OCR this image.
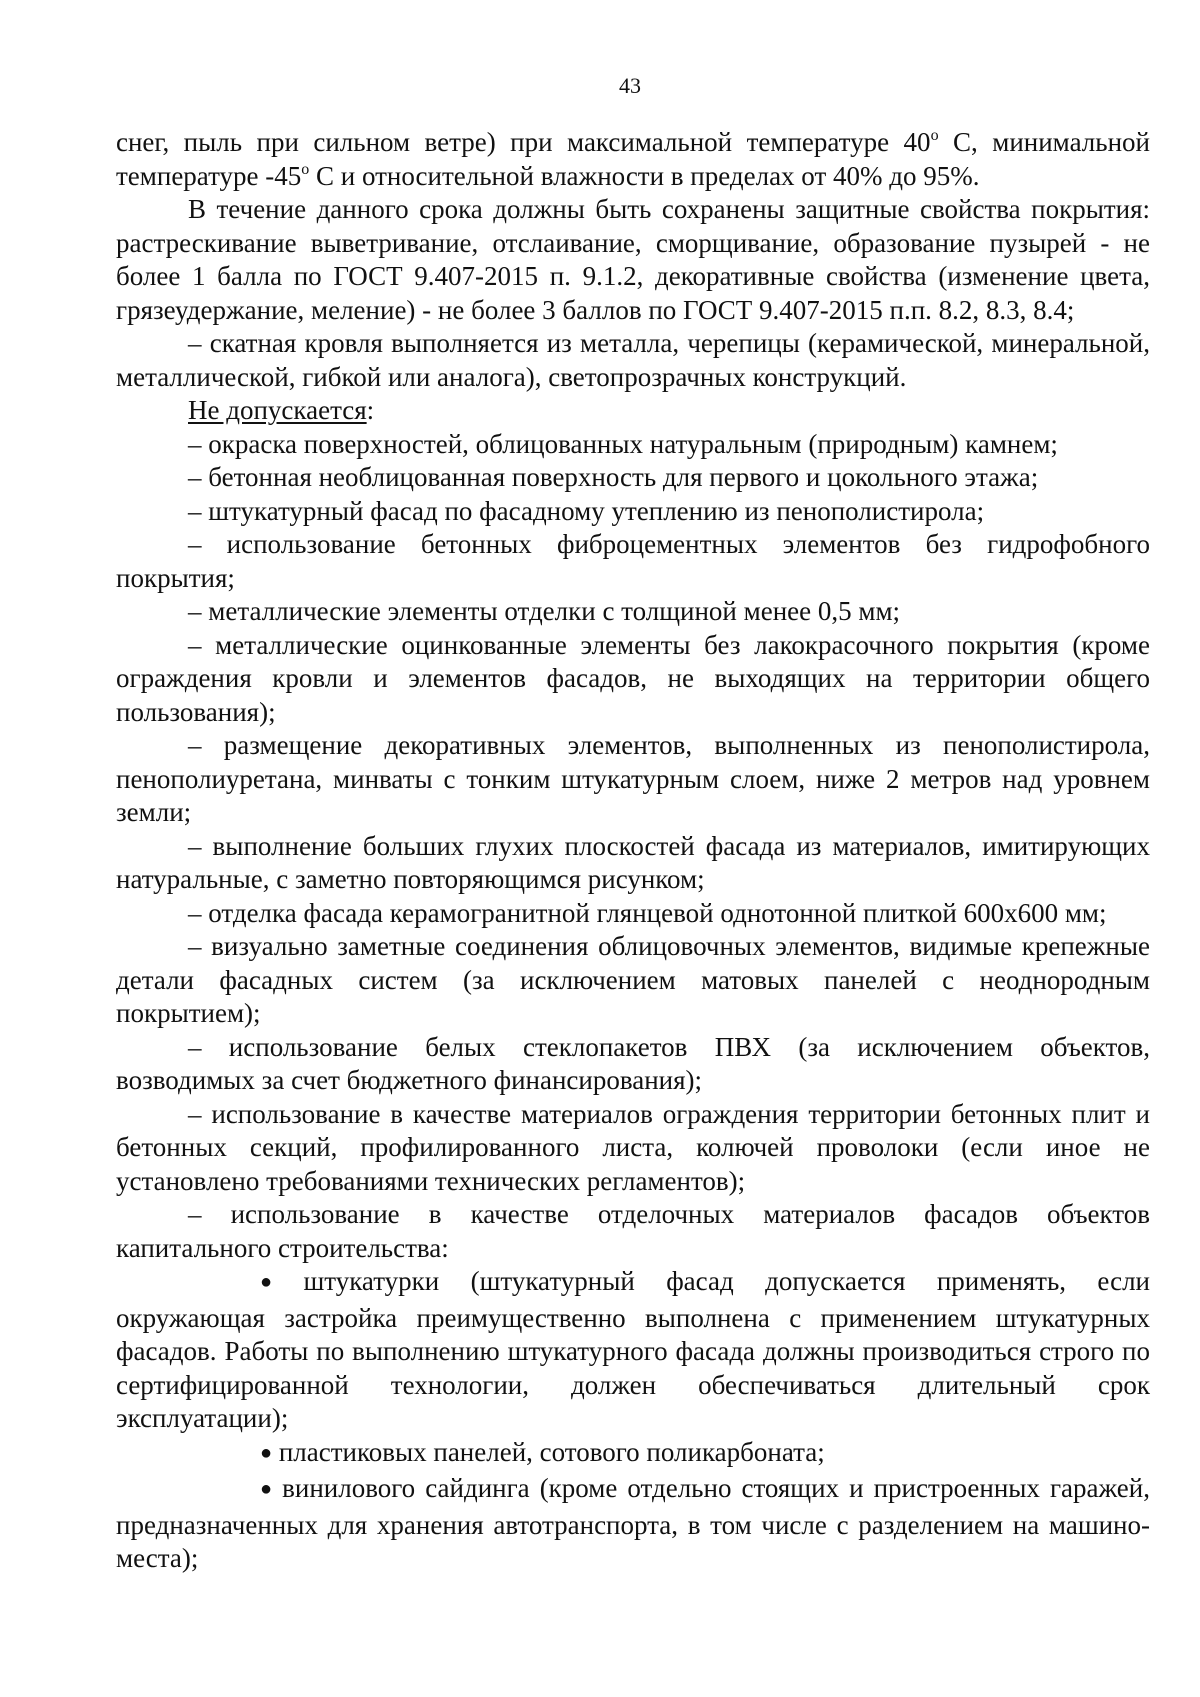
43

снег, пыль при сильном ветре) при максимальной температуре $40^о$ С, минимальной температуре $-45^о$ С и относительной влажности в пределах от 40% до 95%.

В течение данного срока должны быть сохранены защитные свойства покрытия: растрескивание выветривание, отслаивание, сморщивание, образование пузырей - не более 1 балла по ГОСТ 9.407-2015 п. 9.1.2, декоративные свойства (изменение цвета, грязеудержание, меление) - не более 3 баллов по ГОСТ 9.407-2015 п.п. 8.2, 8.3, 8.4;

– скатная кровля выполняется из металла, черепицы (керамической, минеральной, металлической, гибкой или аналога), светопрозрачных конструкций.

Не допускается:

– окраска поверхностей, облицованных натуральным (природным) камнем;

– бетонная необлицованная поверхность для первого и цокольного этажа;

– штукатурный фасад по фасадному утеплению из пенополистирола;

– использование бетонных фиброцементных элементов без гидрофобного покрытия;

– металлические элементы отделки с толщиной менее 0,5 мм;

– металлические оцинкованные элементы без лакокрасочного покрытия (кроме ограждения кровли и элементов фасадов, не выходящих на территории общего пользования);

– размещение декоративных элементов, выполненных из пенополистирола, пенополиуретана, минваты с тонким штукатурным слоем, ниже 2 метров над уровнем земли;

– выполнение больших глухих плоскостей фасада из материалов, имитирующих натуральные, с заметно повторяющимся рисунком;

– отделка фасада керамогранитной глянцевой однотонной плиткой 600х600 мм;

– визуально заметные соединения облицовочных элементов, видимые крепежные детали фасадных систем (за исключением матовых панелей с неоднородным покрытием);

– использование белых стеклопакетов ПВХ (за исключением объектов, возводимых за счет бюджетного финансирования);

– использование в качестве материалов ограждения территории бетонных плит и бетонных секций, профилированного листа, колючей проволоки (если иное не установлено требованиями технических регламентов);

– использование в качестве отделочных материалов фасадов объектов капитального строительства:

● штукатурки (штукатурный фасад допускается применять, если окружающая застройка преимущественно выполнена с применением штукатурных фасадов. Работы по выполнению штукатурного фасада должны производиться строго по сертифицированной технологии, должен обеспечиваться длительный срок эксплуатации);

● пластиковых панелей, сотового поликарбоната;

● винилового сайдинга (кроме отдельно стоящих и пристроенных гаражей, предназначенных для хранения автотранспорта, в том числе с разделением на машино-места);
